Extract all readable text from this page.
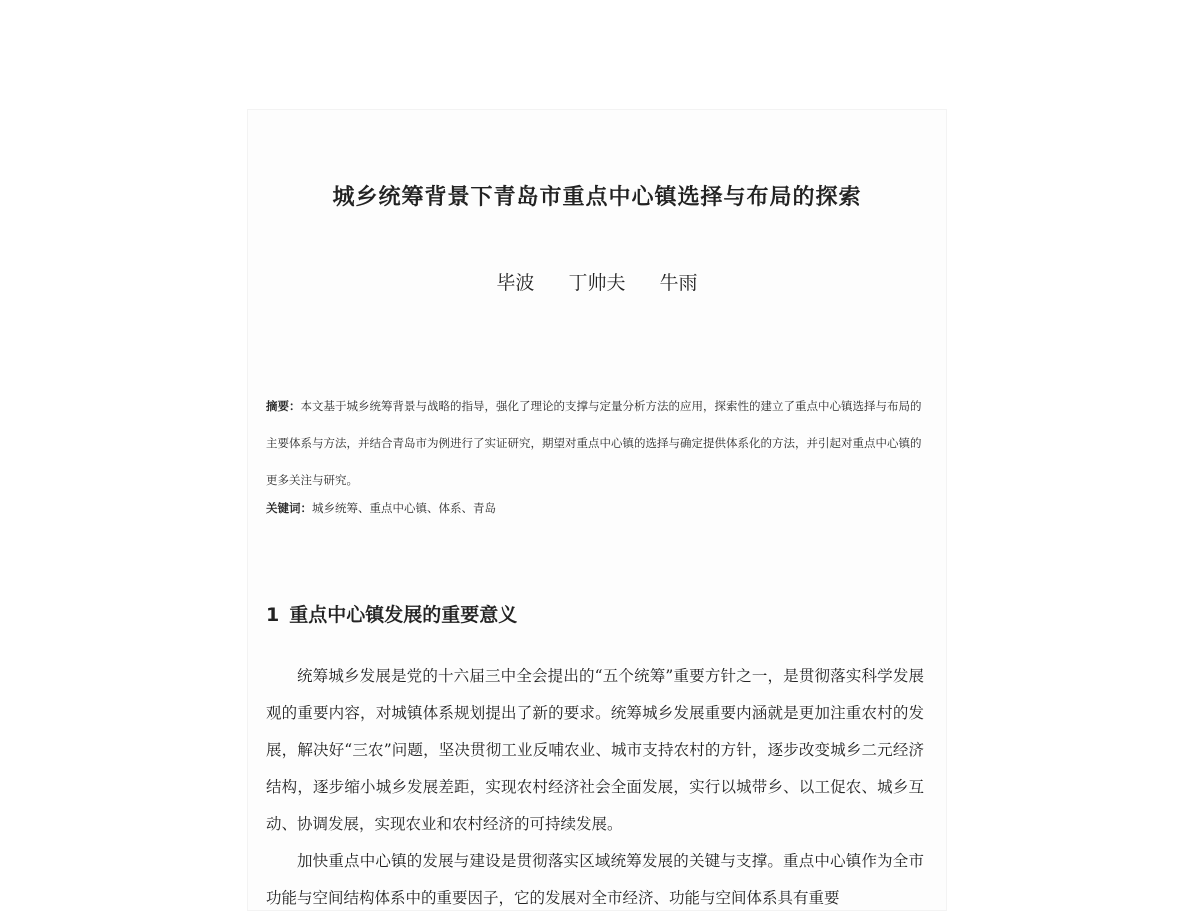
城乡统筹背景下青岛市重点中心镇选择与布局的探索
毕波 丁帅夫 牛雨
摘要：本文基于城乡统筹背景与战略的指导，强化了理论的支撑与定量分析方法的应用，探索性的建立了重点中心镇选择与布局的主要体系与方法，并结合青岛市为例进行了实证研究，期望对重点中心镇的选择与确定提供体系化的方法，并引起对重点中心镇的更多关注与研究。
关键词：城乡统筹、重点中心镇、体系、青岛
1 重点中心镇发展的重要意义

统筹城乡发展是党的十六届三中全会提出的“五个统筹”重要方针之一，是贯彻落实科学发展观的重要内容，对城镇体系规划提出了新的要求。统筹城乡发展重要内涵就是更加注重农村的发展，解决好“三农”问题，坚决贯彻工业反哺农业、城市支持农村的方针，逐步改变城乡二元经济结构，逐步缩小城乡发展差距，实现农村经济社会全面发展，实行以城带乡、以工促农、城乡互动、协调发展，实现农业和农村经济的可持续发展。

加快重点中心镇的发展与建设是贯彻落实区域统筹发展的关键与支撑。重点中心镇作为全市功能与空间结构体系中的重要因子，它的发展对全市经济、功能与空间体系具有重要
